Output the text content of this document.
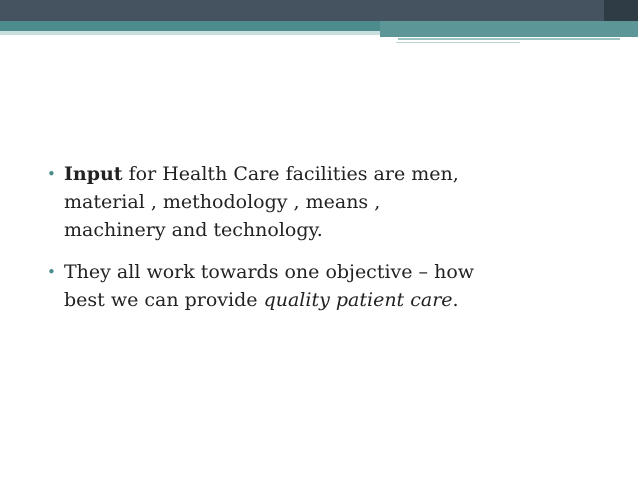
• Input for Health Care facilities are men,
material , methodology , means ,
machinery and technology.
• They all work towards one objective – how
best we can provide quality patient care.
